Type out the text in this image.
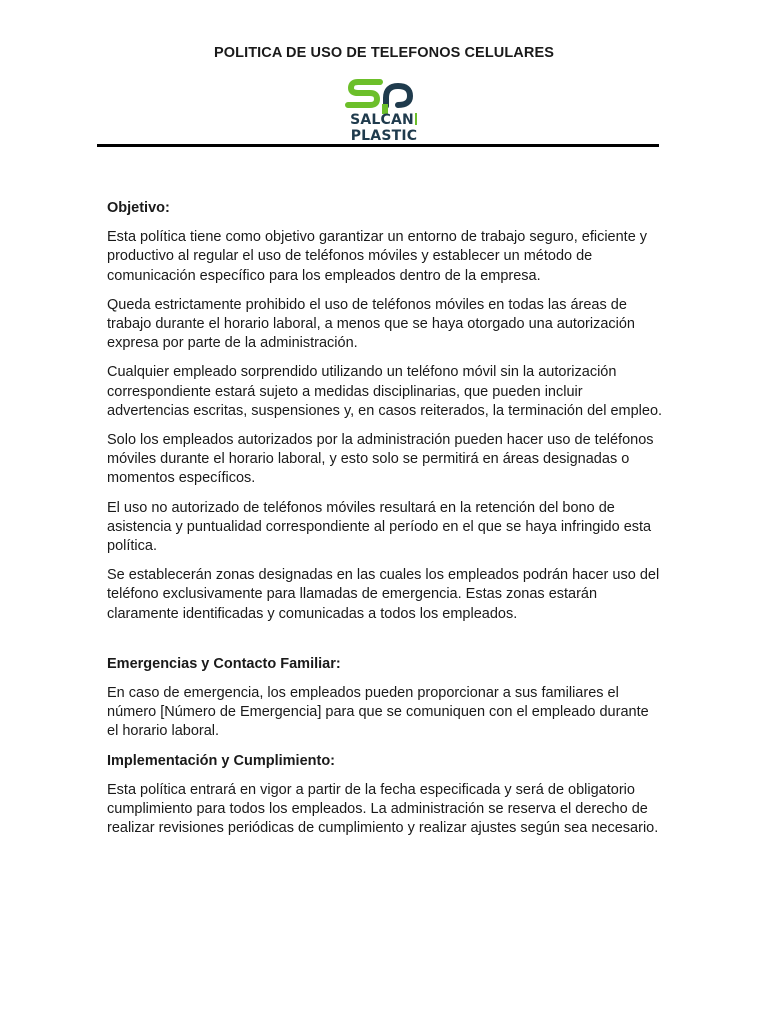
POLITICA DE USO DE TELEFONOS CELULARES
SALCANPLASTIC
Objetivo:

Esta política tiene como objetivo garantizar un entorno de trabajo seguro, eficiente y productivo al regular el uso de teléfonos móviles y establecer un método de comunicación específico para los empleados dentro de la empresa.

Queda estrictamente prohibido el uso de teléfonos móviles en todas las áreas de trabajo durante el horario laboral, a menos que se haya otorgado una autorización expresa por parte de la administración.

Cualquier empleado sorprendido utilizando un teléfono móvil sin la autorización correspondiente estará sujeto a medidas disciplinarias, que pueden incluir advertencias escritas, suspensiones y, en casos reiterados, la terminación del empleo.

Solo los empleados autorizados por la administración pueden hacer uso de teléfonos móviles durante el horario laboral, y esto solo se permitirá en áreas designadas o momentos específicos.

El uso no autorizado de teléfonos móviles resultará en la retención del bono de asistencia y puntualidad correspondiente al período en el que se haya infringido esta política.

Se establecerán zonas designadas en las cuales los empleados podrán hacer uso del teléfono exclusivamente para llamadas de emergencia. Estas zonas estarán claramente identificadas y comunicadas a todos los empleados.

Emergencias y Contacto Familiar:

En caso de emergencia, los empleados pueden proporcionar a sus familiares el número [Número de Emergencia] para que se comuniquen con el empleado durante el horario laboral.

Implementación y Cumplimiento:

Esta política entrará en vigor a partir de la fecha especificada y será de obligatorio cumplimiento para todos los empleados. La administración se reserva el derecho de realizar revisiones periódicas de cumplimiento y realizar ajustes según sea necesario.
